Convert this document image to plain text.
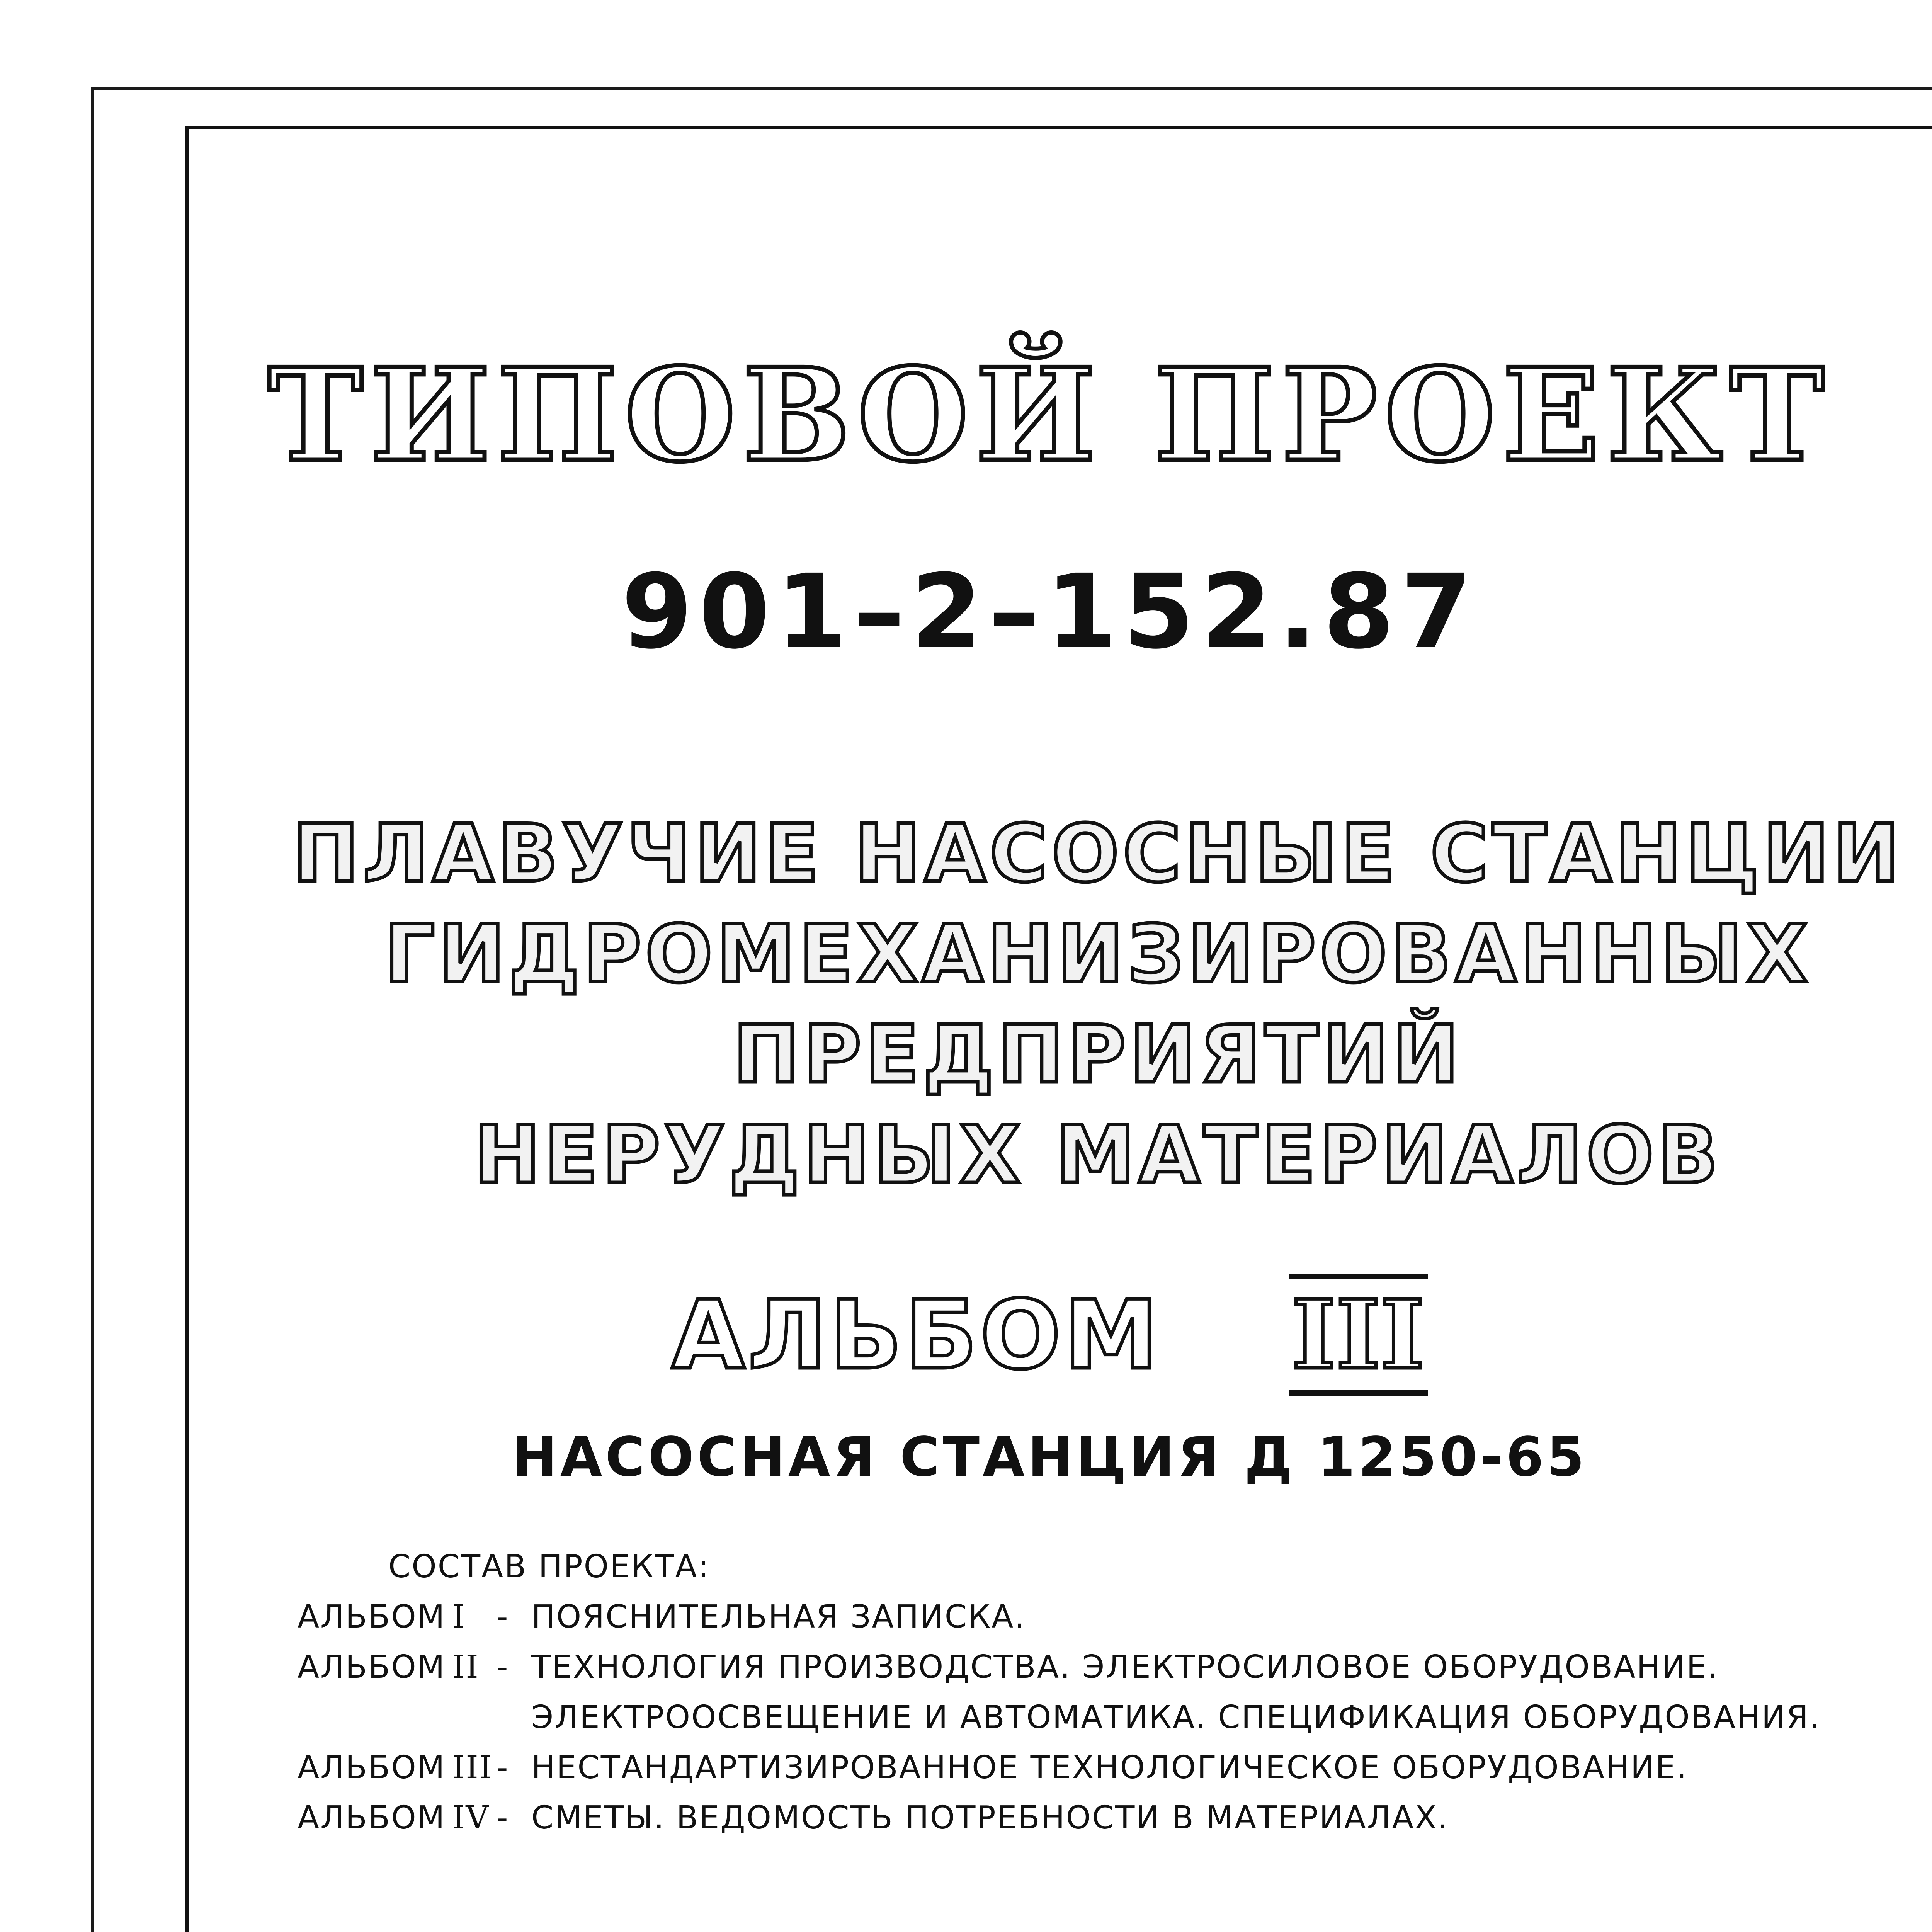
ТИПОВОЙ ПРОЕКТ
901–2–152.87
ПЛАВУЧИЕ НАСОСНЫЕ СТАНЦИИ
ГИДРОМЕХАНИЗИРОВАННЫХ ПРЕДПРИЯТИЙ
НЕРУДНЫХ МАТЕРИАЛОВ
АЛЬБОМ III
НАСОСНАЯ СТАНЦИЯ Д 1250-65
СОСТАВ ПРОЕКТА:
АЛЬБОМ I - ПОЯСНИТЕЛЬНАЯ ЗАПИСКА.
АЛЬБОМ II - ТЕХНОЛОГИЯ ПРОИЗВОДСТВА. ЭЛЕКТРОСИЛОВОЕ ОБОРУДОВАНИЕ.
ЭЛЕКТРООСВЕЩЕНИЕ И АВТОМАТИКА. СПЕЦИФИКАЦИЯ ОБОРУДОВАНИЯ.
АЛЬБОМ III - НЕСТАНДАРТИЗИРОВАННОЕ ТЕХНОЛОГИЧЕСКОЕ ОБОРУДОВАНИЕ.
АЛЬБОМ IV - СМЕТЫ. ВЕДОМОСТЬ ПОТРЕБНОСТИ В МАТЕРИАЛАХ.
